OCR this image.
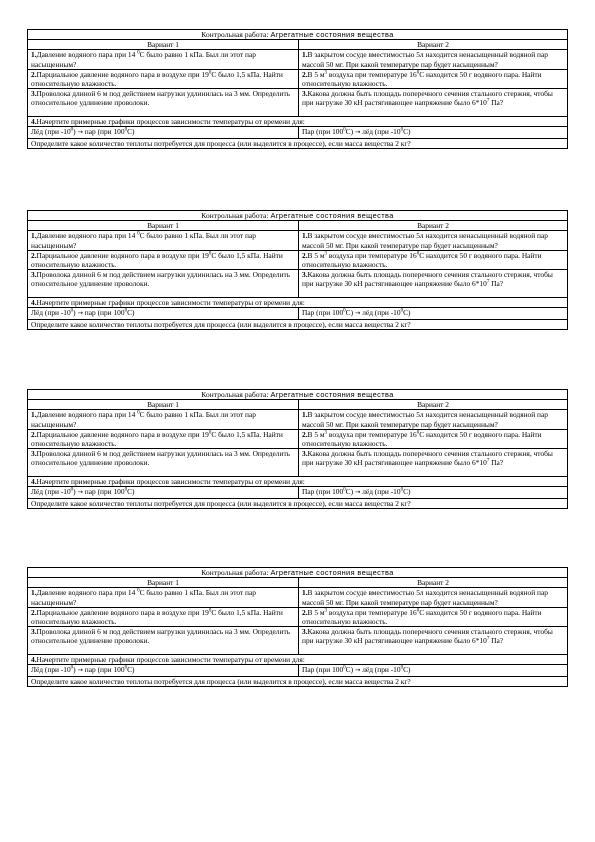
Контрольная работа: Агрегатные состояния вещества	
Вариант 1	Вариант 2
1.Давление водяного пара при 14 $^0$С было равно 1 кПа. Был ли этот пар насыщенным?	1.В закрытом сосуде вместимостью 5л находится ненасыщенный водяной пар массой 50 мг. При какой температуре пар будет насыщенным?
2.Парциальное давление водяного пара в воздухе при $19^0С$ было 1,5 кПа. Найти относительную влажность.	2.В 5 $м^3$ воздуха при температуре $16^0С$ находится 50 г водяного пара. Найти относительную влажность.
3.Проволока длиной 6 м под действием нагрузки удлинилась на 3 мм. Определить относительное удлинение проволоки.	3.Какова должна быть площадь поперечного сечения стального стержня, чтобы при нагрузке 30 кН растягивающее напряжение было $6*10^7$ Па?
4.Начертите примерные графики процессов зависимости температуры от времени для:	
Лёд (при $-10^0$) → пар (при $100^0С$)	Пар (при $100^0С$) → лёд (при $-10^0С$)
Определите какое количество теплоты потребуется для процесса (или выделится в процессе), если масса вещества 2 кг?	
Контрольная работа: Агрегатные состояния вещества	
Вариант 1	Вариант 2
1.Давление водяного пара при 14 $^0$С было равно 1 кПа. Был ли этот пар насыщенным?	1.В закрытом сосуде вместимостью 5л находится ненасыщенный водяной пар массой 50 мг. При какой температуре пар будет насыщенным?
2.Парциальное давление водяного пара в воздухе при $19^0С$ было 1,5 кПа. Найти относительную влажность.	2.В 5 $м^3$ воздуха при температуре $16^0С$ находится 50 г водяного пара. Найти относительную влажность.
3.Проволока длиной 6 м под действием нагрузки удлинилась на 3 мм. Определить относительное удлинение проволоки.	3.Какова должна быть площадь поперечного сечения стального стержня, чтобы при нагрузке 30 кН растягивающее напряжение было $6*10^7$ Па?
4.Начертите примерные графики процессов зависимости температуры от времени для:	
Лёд (при $-10^0$) → пар (при $100^0С$)	Пар (при $100^0С$) → лёд (при $-10^0С$)
Определите какое количество теплоты потребуется для процесса (или выделится в процессе), если масса вещества 2 кг?	
Контрольная работа: Агрегатные состояния вещества	
Вариант 1	Вариант 2
1.Давление водяного пара при 14 $^0$С было равно 1 кПа. Был ли этот пар насыщенным?	1.В закрытом сосуде вместимостью 5л находится ненасыщенный водяной пар массой 50 мг. При какой температуре пар будет насыщенным?
2.Парциальное давление водяного пара в воздухе при $19^0С$ было 1,5 кПа. Найти относительную влажность.	2.В 5 $м^3$ воздуха при температуре $16^0С$ находится 50 г водяного пара. Найти относительную влажность.
3.Проволока длиной 6 м под действием нагрузки удлинилась на 3 мм. Определить относительное удлинение проволоки.	3.Какова должна быть площадь поперечного сечения стального стержня, чтобы при нагрузке 30 кН растягивающее напряжение было $6*10^7$ Па?
4.Начертите примерные графики процессов зависимости температуры от времени для:	
Лёд (при $-10^0$) → пар (при $100^0С$)	Пар (при $100^0С$) → лёд (при $-10^0С$)
Определите какое количество теплоты потребуется для процесса (или выделится в процессе), если масса вещества 2 кг?	
Контрольная работа: Агрегатные состояния вещества	
Вариант 1	Вариант 2
1.Давление водяного пара при 14 $^0$С было равно 1 кПа. Был ли этот пар насыщенным?	1.В закрытом сосуде вместимостью 5л находится ненасыщенный водяной пар массой 50 мг. При какой температуре пар будет насыщенным?
2.Парциальное давление водяного пара в воздухе при $19^0С$ было 1,5 кПа. Найти относительную влажность.	2.В 5 $м^3$ воздуха при температуре $16^0С$ находится 50 г водяного пара. Найти относительную влажность.
3.Проволока длиной 6 м под действием нагрузки удлинилась на 3 мм. Определить относительное удлинение проволоки.	3.Какова должна быть площадь поперечного сечения стального стержня, чтобы при нагрузке 30 кН растягивающее напряжение было $6*10^7$ Па?
4.Начертите примерные графики процессов зависимости температуры от времени для:	
Лёд (при $-10^0$) → пар (при $100^0С$)	Пар (при $100^0С$) → лёд (при $-10^0С$)
Определите какое количество теплоты потребуется для процесса (или выделится в процессе), если масса вещества 2 кг?	
